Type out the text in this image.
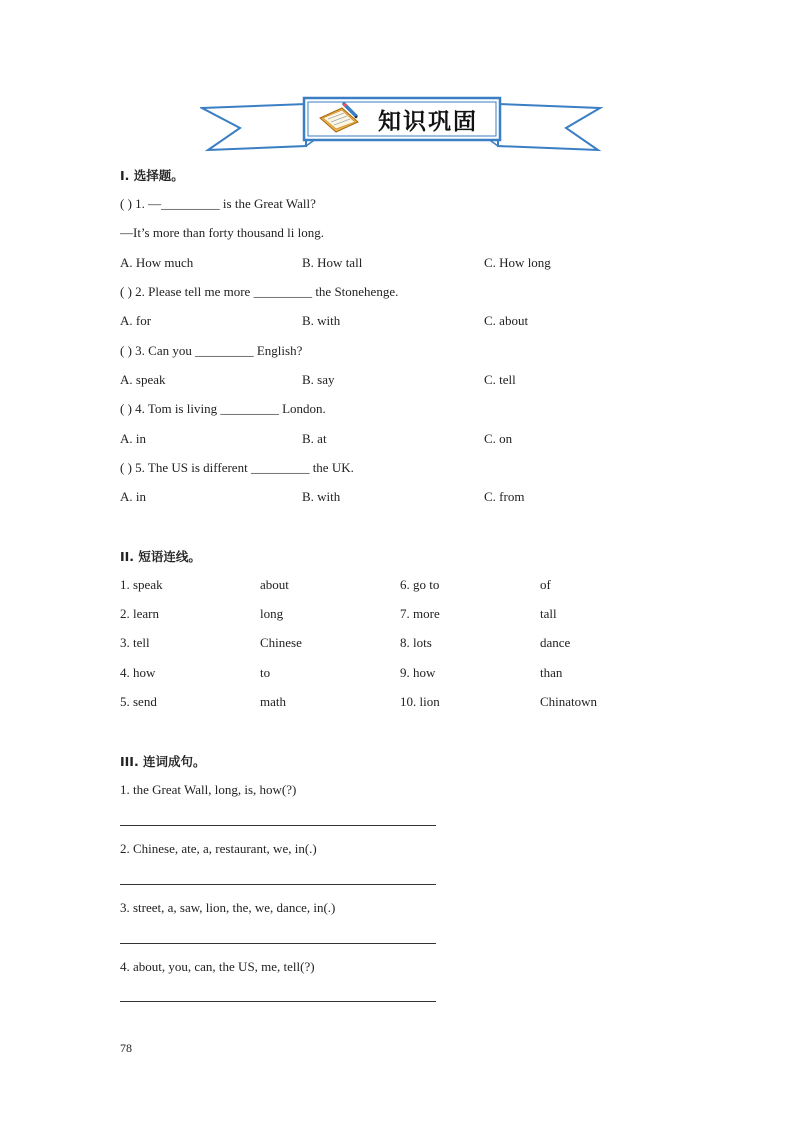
知识巩固
I. 选择题。
( ) 1. —_________ is the Great Wall?
—It’s more than forty thousand li long.
A. How much	B. How tall	C. How long
( ) 2. Please tell me more _________ the Stonehenge.
A. for	B. with	C. about
( ) 3. Can you _________ English?
A. speak	B. say	C. tell
( ) 4. Tom is living _________ London.
A. in	B. at	C. on
( ) 5. The US is different _________ the UK.
A. in	B. with	C. from
II. 短语连线。
1. speak	about	6. go to	of
2. learn	long	7. more	tall
3. tell	Chinese	8. lots	dance
4. how	to	9. how	than
5. send	math	10. lion	Chinatown
III. 连词成句。
1. the Great Wall, long, is, how(?)
2. Chinese, ate, a, restaurant, we, in(.)
3. street, a, saw, lion, the, we, dance, in(.)
4. about, you, can, the US, me, tell(?)
78
